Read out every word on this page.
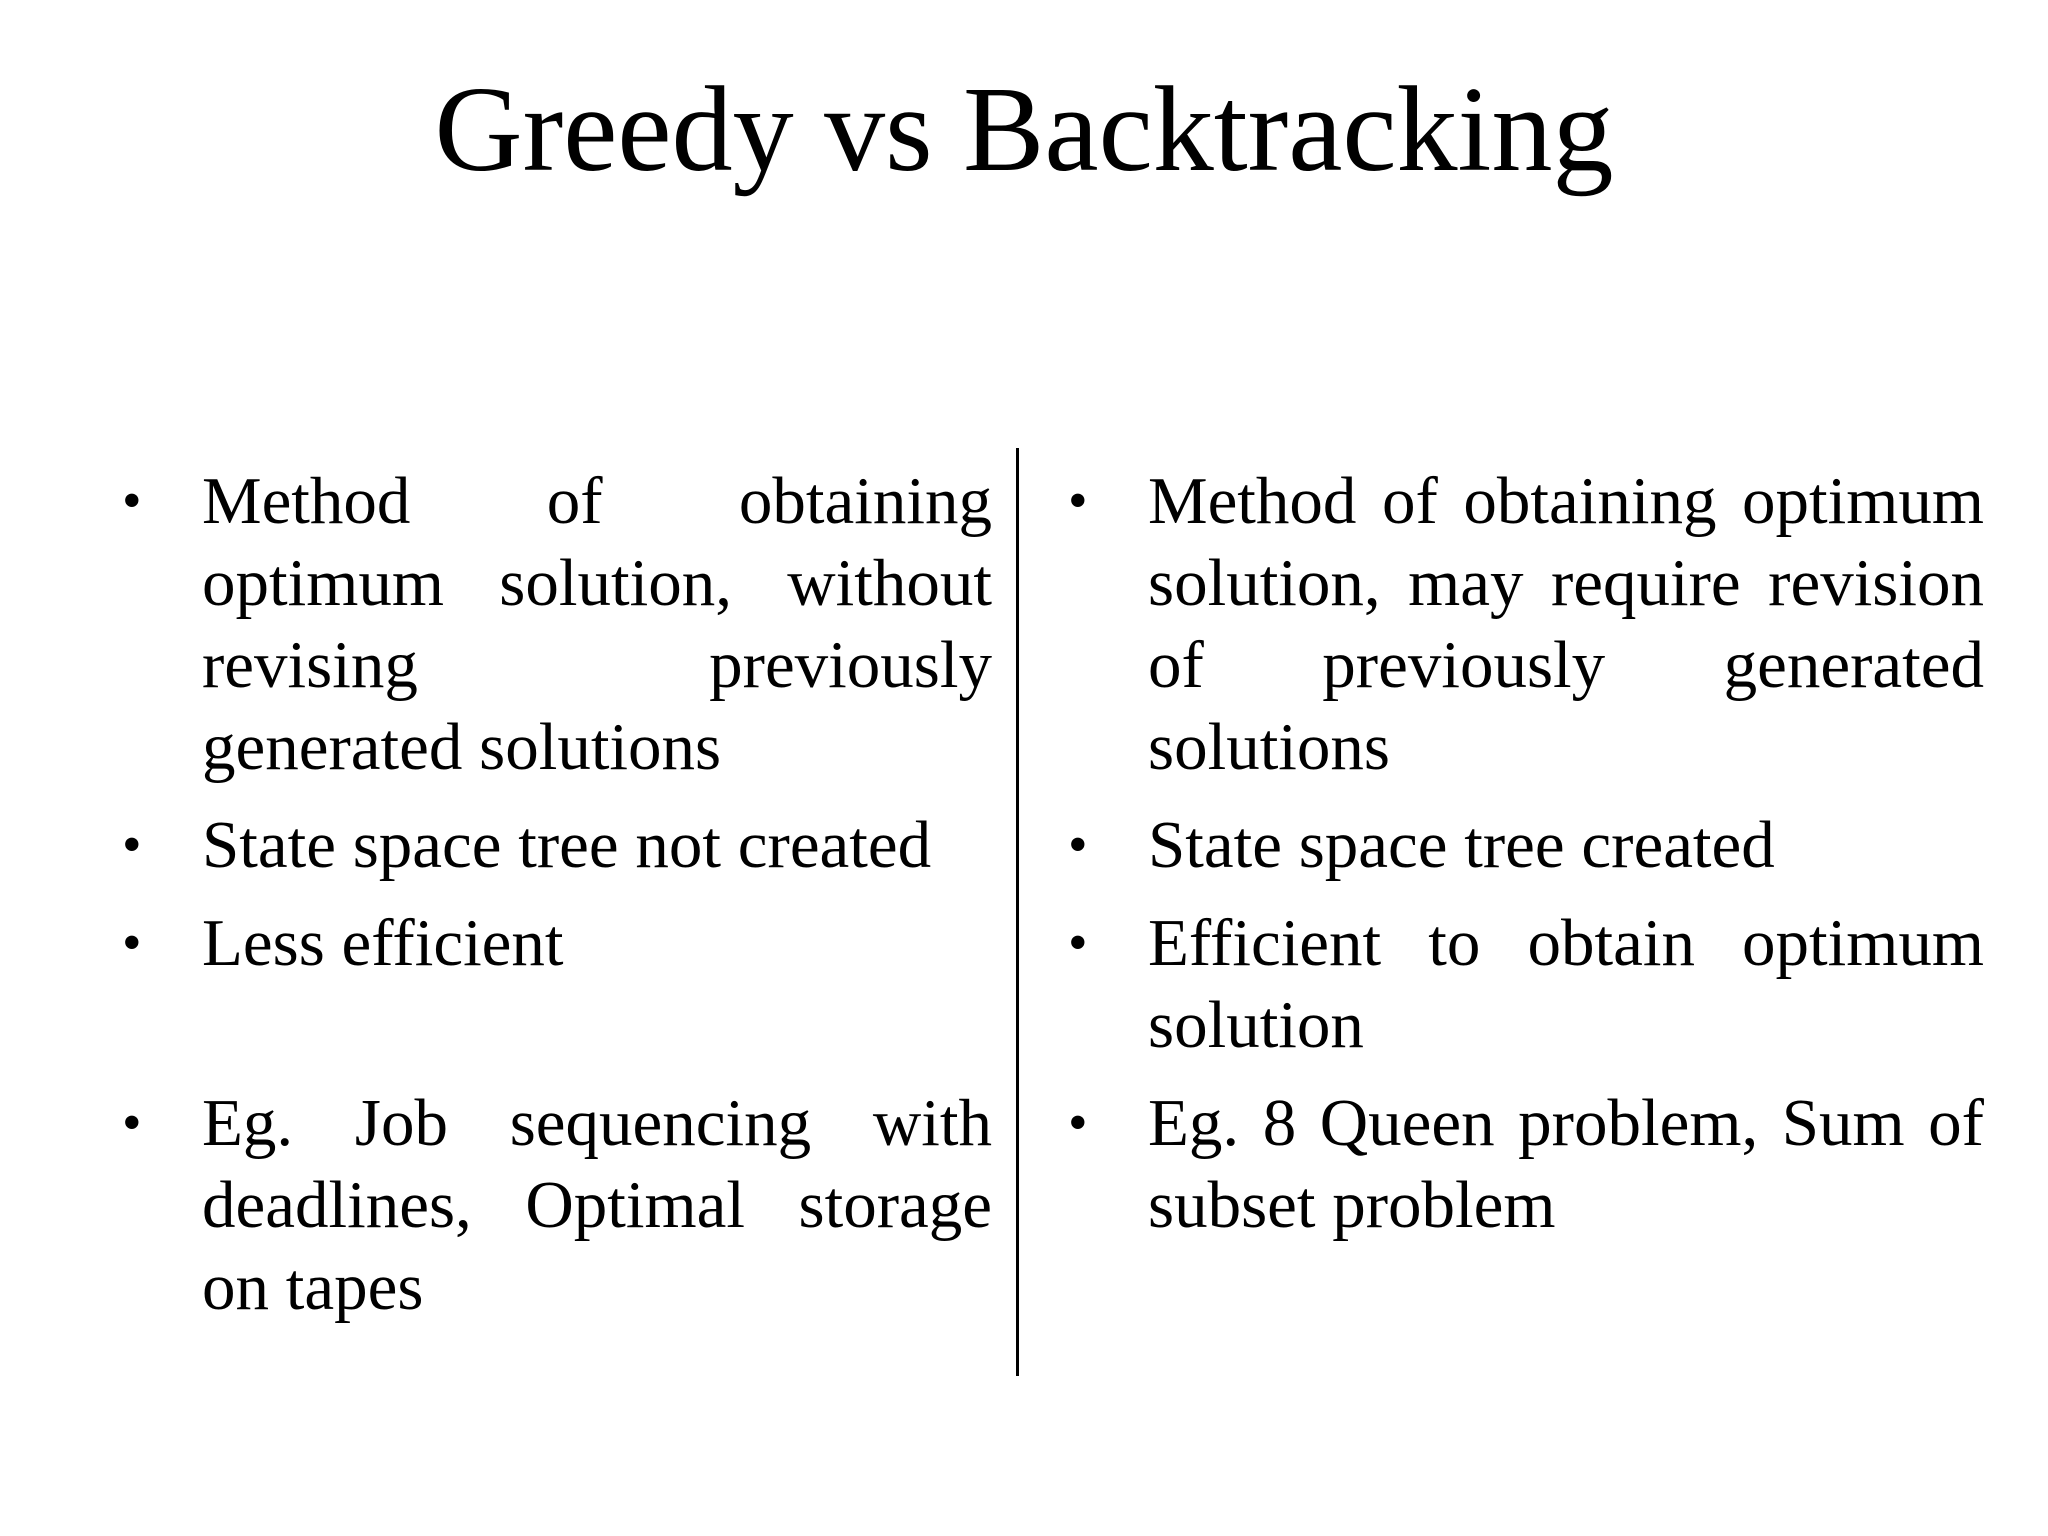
Greedy vs Backtracking
• Method of obtaining optimum solution, without revising previously generated solutions
• State space tree not created
• Less efficient
• Eg. Job sequencing with deadlines, Optimal storage on tapes
• Method of obtaining optimum solution, may require revision of previously generated solutions
• State space tree created
• Efficient to obtain optimum solution
• Eg. 8 Queen problem, Sum of subset problem
